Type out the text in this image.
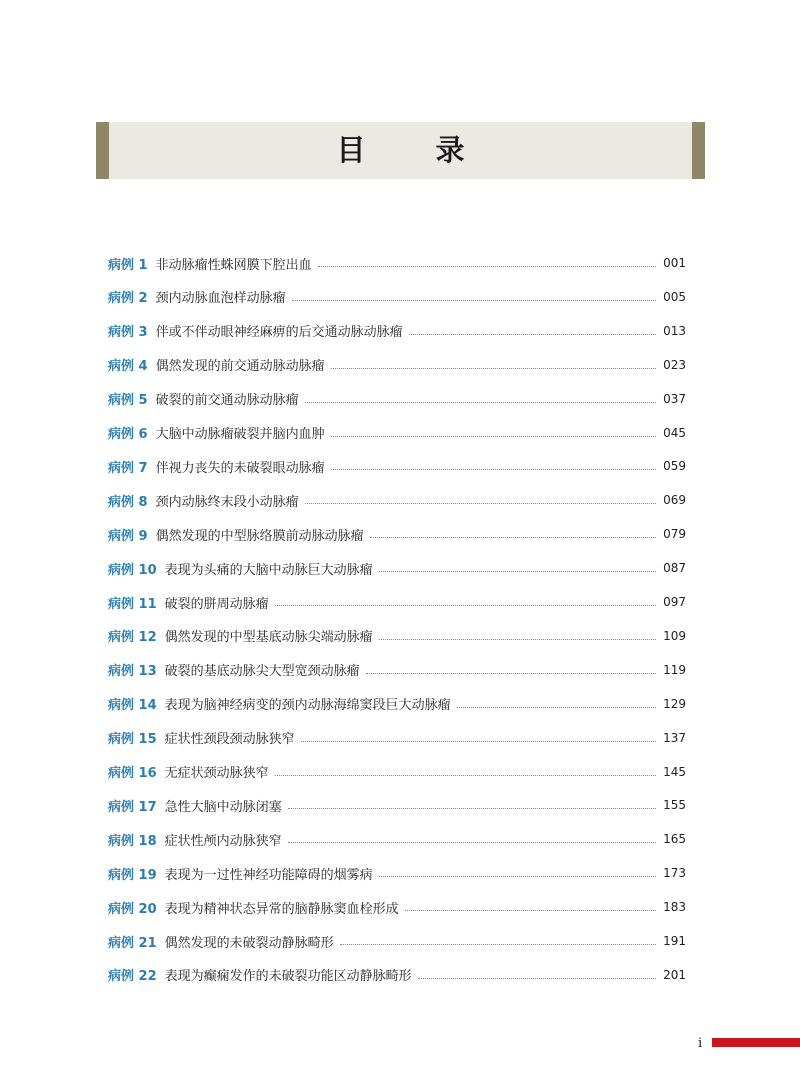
目 录
病例 1 非动脉瘤性蛛网膜下腔出血	001
病例 2 颈内动脉血泡样动脉瘤	005
病例 3 伴或不伴动眼神经麻痹的后交通动脉动脉瘤	013
病例 4 偶然发现的前交通动脉动脉瘤	023
病例 5 破裂的前交通动脉动脉瘤	037
病例 6 大脑中动脉瘤破裂并脑内血肿	045
病例 7 伴视力丧失的未破裂眼动脉瘤	059
病例 8 颈内动脉终末段小动脉瘤	069
病例 9 偶然发现的中型脉络膜前动脉动脉瘤	079
病例 10 表现为头痛的大脑中动脉巨大动脉瘤	087
病例 11 破裂的胼周动脉瘤	097
病例 12 偶然发现的中型基底动脉尖端动脉瘤	109
病例 13 破裂的基底动脉尖大型宽颈动脉瘤	119
病例 14 表现为脑神经病变的颈内动脉海绵窦段巨大动脉瘤	129
病例 15 症状性颈段颈动脉狭窄	137
病例 16 无症状颈动脉狭窄	145
病例 17 急性大脑中动脉闭塞	155
病例 18 症状性颅内动脉狭窄	165
病例 19 表现为一过性神经功能障碍的烟雾病	173
病例 20 表现为精神状态异常的脑静脉窦血栓形成	183
病例 21 偶然发现的未破裂动静脉畸形	191
病例 22 表现为癫痫发作的未破裂功能区动静脉畸形	201
i
